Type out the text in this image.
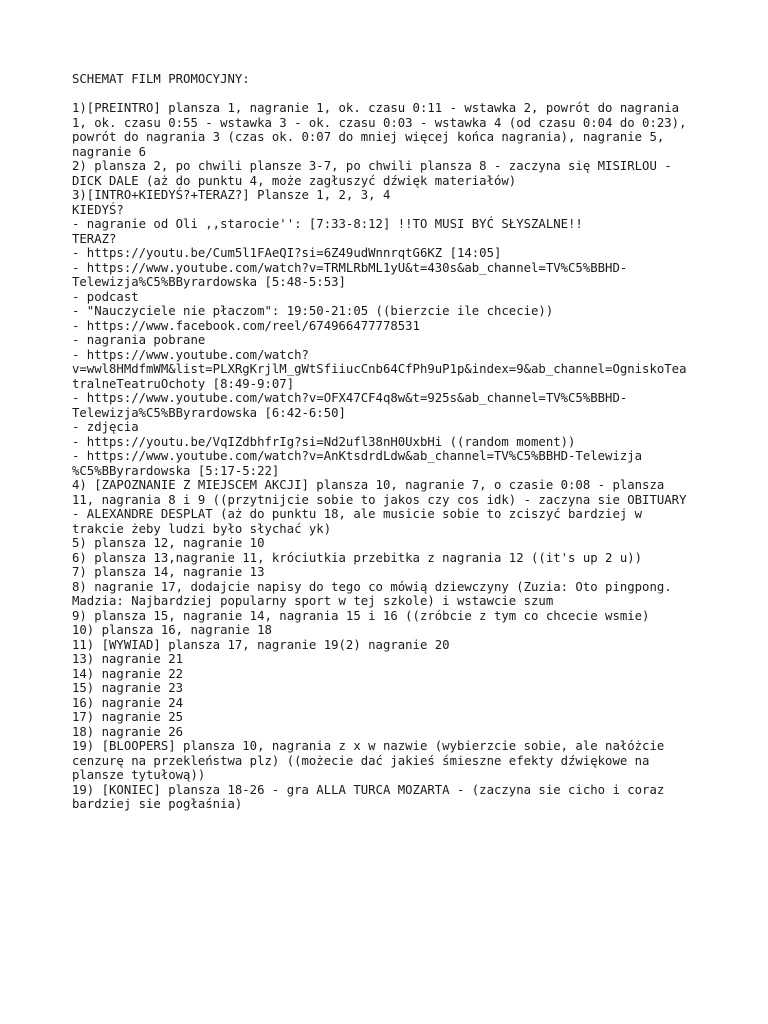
SCHEMAT FILM PROMOCYJNY:
1)[PREINTRO] plansza 1, nagranie 1, ok. czasu 0:11 - wstawka 2, powrót do nagrania
1, ok. czasu 0:55 - wstawka 3 - ok. czasu 0:03 - wstawka 4 (od czasu 0:04 do 0:23),
powrót do nagrania 3 (czas ok. 0:07 do mniej więcej końca nagrania), nagranie 5,
nagranie 6
2) plansza 2, po chwili plansze 3-7, po chwili plansza 8 - zaczyna się MISIRLOU -
DICK DALE (aż do punktu 4, może zagłuszyć dźwięk materiałów)
3)[INTRO+KIEDYŚ?+TERAZ?] Plansze 1, 2, 3, 4
KIEDYŚ?
- nagranie od Oli ,,starocie'': [7:33-8:12] !!TO MUSI BYĆ SŁYSZALNE!!
TERAZ?
- https://youtu.be/Cum5l1FAeQI?si=6Z49udWnnrqtG6KZ [14:05]
- https://www.youtube.com/watch?v=TRMLRbML1yU&t=430s&ab_channel=TV%C5%BBHD-
Telewizja%C5%BByrardowska [5:48-5:53]
- podcast
- "Nauczyciele nie płaczom": 19:50-21:05 ((bierzcie ile chcecie))
- https://www.facebook.com/reel/674966477778531
- nagrania pobrane
- https://www.youtube.com/watch?
v=wwl8HMdfmWM&list=PLXRgKrjlM_gWtSfiiucCnb64CfPh9uP1p&index=9&ab_channel=OgniskoTea
tralneTeatruOchoty [8:49-9:07]
- https://www.youtube.com/watch?v=OFX47CF4q8w&t=925s&ab_channel=TV%C5%BBHD-
Telewizja%C5%BByrardowska [6:42-6:50]
- zdjęcia
- https://youtu.be/VqIZdbhfrIg?si=Nd2ufl38nH0UxbHi ((random moment))
- https://www.youtube.com/watch?v=AnKtsdrdLdw&ab_channel=TV%C5%BBHD-Telewizja
%C5%BByrardowska [5:17-5:22]
4) [ZAPOZNANIE Z MIEJSCEM AKCJI] plansza 10, nagranie 7, o czasie 0:08 - plansza
11, nagrania 8 i 9 ((przytnijcie sobie to jakos czy cos idk) - zaczyna sie OBITUARY
- ALEXANDRE DESPLAT (aż do punktu 18, ale musicie sobie to zciszyć bardziej w
trakcie żeby ludzi było słychać yk)
5) plansza 12, nagranie 10
6) plansza 13,nagranie 11, króciutkia przebitka z nagrania 12 ((it's up 2 u))
7) plansza 14, nagranie 13
8) nagranie 17, dodajcie napisy do tego co mówią dziewczyny (Zuzia: Oto pingpong.
Madzia: Najbardziej popularny sport w tej szkole) i wstawcie szum
9) plansza 15, nagranie 14, nagrania 15 i 16 ((zróbcie z tym co chcecie wsmie)
10) plansza 16, nagranie 18
11) [WYWIAD] plansza 17, nagranie 19(2) nagranie 20
13) nagranie 21
14) nagranie 22
15) nagranie 23
16) nagranie 24
17) nagranie 25
18) nagranie 26
19) [BLOOPERS] plansza 10, nagrania z x w nazwie (wybierzcie sobie, ale nałóżcie
cenzurę na przekleństwa plz) ((możecie dać jakieś śmieszne efekty dźwiękowe na
plansze tytułową))
19) [KONIEC] plansza 18-26 - gra ALLA TURCA MOZARTA - (zaczyna sie cicho i coraz
bardziej sie pogłaśnia)
